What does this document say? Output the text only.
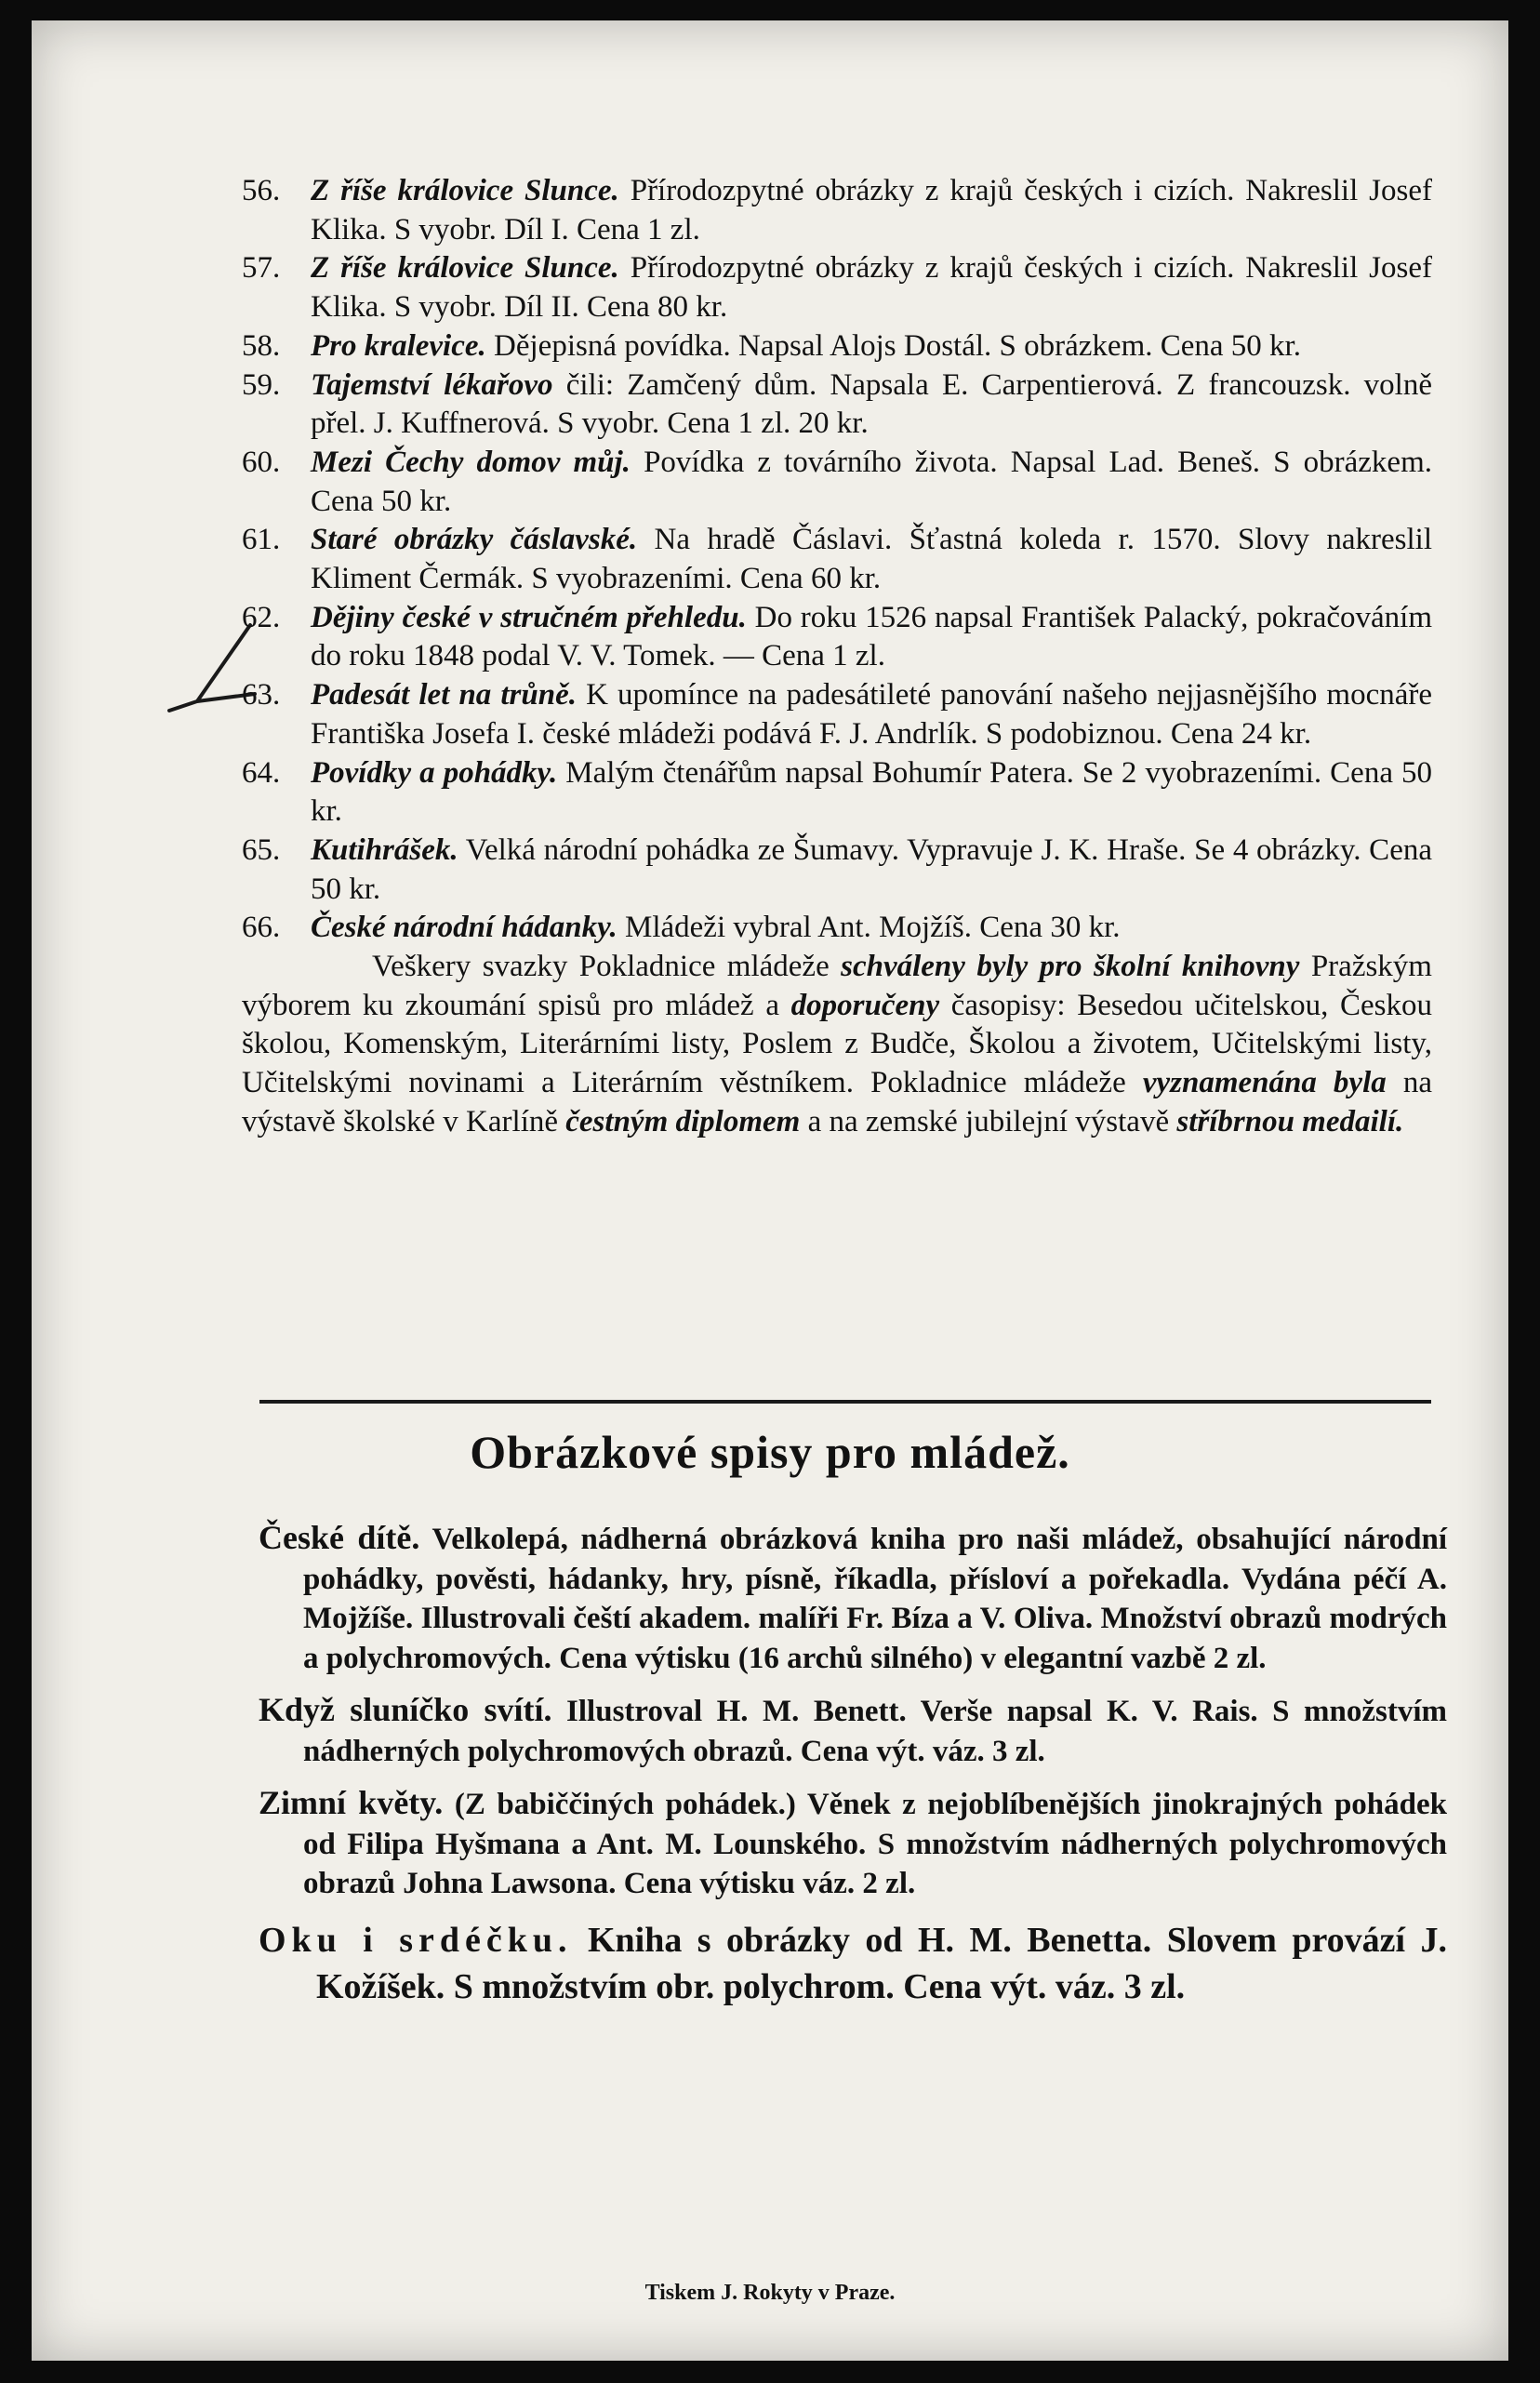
56. Z říše královice Slunce. Přírodozpytné obrázky z krajů českých i cizích. Nakreslil Josef Klika. S vyobr. Díl I. Cena 1 zl.
57. Z říše královice Slunce. Přírodozpytné obrázky z krajů českých i cizích. Nakreslil Josef Klika. S vyobr. Díl II. Cena 80 kr.
58. Pro kralevice. Dějepisná povídka. Napsal Alojs Dostál. S obrázkem. Cena 50 kr.
59. Tajemství lékařovo čili: Zamčený dům. Napsala E. Carpentierová. Z francouzsk. volně přel. J. Kuffnerová. S vyobr. Cena 1 zl. 20 kr.
60. Mezi Čechy domov můj. Povídka z továrního života. Napsal Lad. Beneš. S obrázkem. Cena 50 kr.
61. Staré obrázky čáslavské. Na hradě Čáslavi. Šťastná koleda r. 1570. Slovy nakreslil Kliment Čermák. S vyobrazeními. Cena 60 kr.
62. Dějiny české v stručném přehledu. Do roku 1526 napsal František Palacký, pokračováním do roku 1848 podal V. V. Tomek. — Cena 1 zl.
63. Padesát let na trůně. K upomínce na padesátileté panování našeho nejjasnějšího mocnáře Františka Josefa I. české mládeži podává F. J. Andrlík. S podobiznou. Cena 24 kr.
64. Povídky a pohádky. Malým čtenářům napsal Bohumír Patera. Se 2 vyobrazeními. Cena 50 kr.
65. Kutihrášek. Velká národní pohádka ze Šumavy. Vypravuje J. K. Hraše. Se 4 obrázky. Cena 50 kr.
66. České národní hádanky. Mládeži vybral Ant. Mojžíš. Cena 30 kr.
Veškery svazky Pokladnice mládeže schváleny byly pro školní knihovny Pražským výborem ku zkoumání spisů pro mládež a doporučeny časopisy: Besedou učitelskou, Českou školou, Komenským, Literárními listy, Poslem z Budče, Školou a životem, Učitelskými listy, Učitelskými novinami a Literárním věstníkem. Pokladnice mládeže vyznamenána byla na výstavě školské v Karlíně čestným diplomem a na zemské jubilejní výstavě stříbrnou medailí.
Obrázkové spisy pro mládež.
České dítě. Velkolepá, nádherná obrázková kniha pro naši mládež, obsahující národní pohádky, pověsti, hádanky, hry, písně, říkadla, přísloví a pořekadla. Vydána péčí A. Mojžíše. Illustrovali čeští akadem. malíři Fr. Bíza a V. Oliva. Množství obrazů modrých a polychromových. Cena výtisku (16 archů silného) v elegantní vazbě 2 zl.
Když sluníčko svítí. Illustroval H. M. Benett. Verše napsal K. V. Rais. S množstvím nádherných polychromových obrazů. Cena výt. váz. 3 zl.
Zimní květy. (Z babiččiných pohádek.) Věnek z nejoblíbenějších jinokrajných pohádek od Filipa Hyšmana a Ant. M. Lounského. S množstvím nádherných polychromových obrazů Johna Lawsona. Cena výtisku váz. 2 zl.
Oku i srdéčku. Kniha s obrázky od H. M. Benetta. Slovem provází J. Kožíšek. S množstvím obr. polychrom. Cena výt. váz. 3 zl.
Tiskem J. Rokyty v Praze.
